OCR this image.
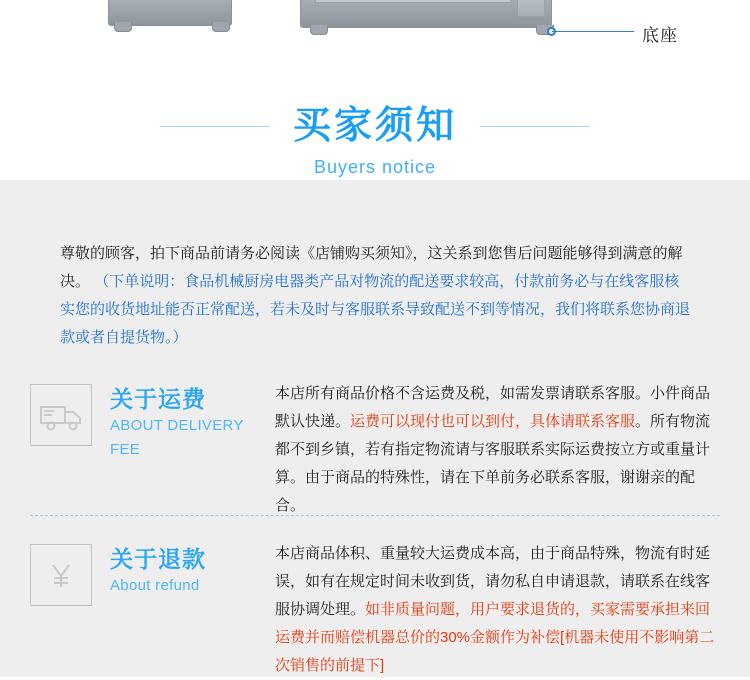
底座
买家须知
Buyers notice
尊敬的顾客，拍下商品前请务必阅读《店铺购买须知》，这关系到您售后问题能够得到满意的解决。 （下单说明：食品机械厨房电器类产品对物流的配送要求较高，付款前务必与在线客服核实您的收货地址能否正常配送，若未及时与客服联系导致配送不到等情况，我们将联系您协商退款或者自提货物。）
关于运费
ABOUT DELIVERY FEE
本店所有商品价格不含运费及税，如需发票请联系客服。小件商品默认快递。运费可以现付也可以到付，具体请联系客服。所有物流都不到乡镇，若有指定物流请与客服联系实际运费按立方或重量计算。由于商品的特殊性，请在下单前务必联系客服，谢谢亲的配合。
关于退款
About refund
本店商品体积、重量较大运费成本高，由于商品特殊，物流有时延误，如有在规定时间未收到货，请勿私自申请退款，请联系在线客服协调处理。如非质量问题，用户要求退货的，买家需要承担来回运费并而赔偿机器总价的30%金额作为补偿[机器未使用不影响第二次销售的前提下]
